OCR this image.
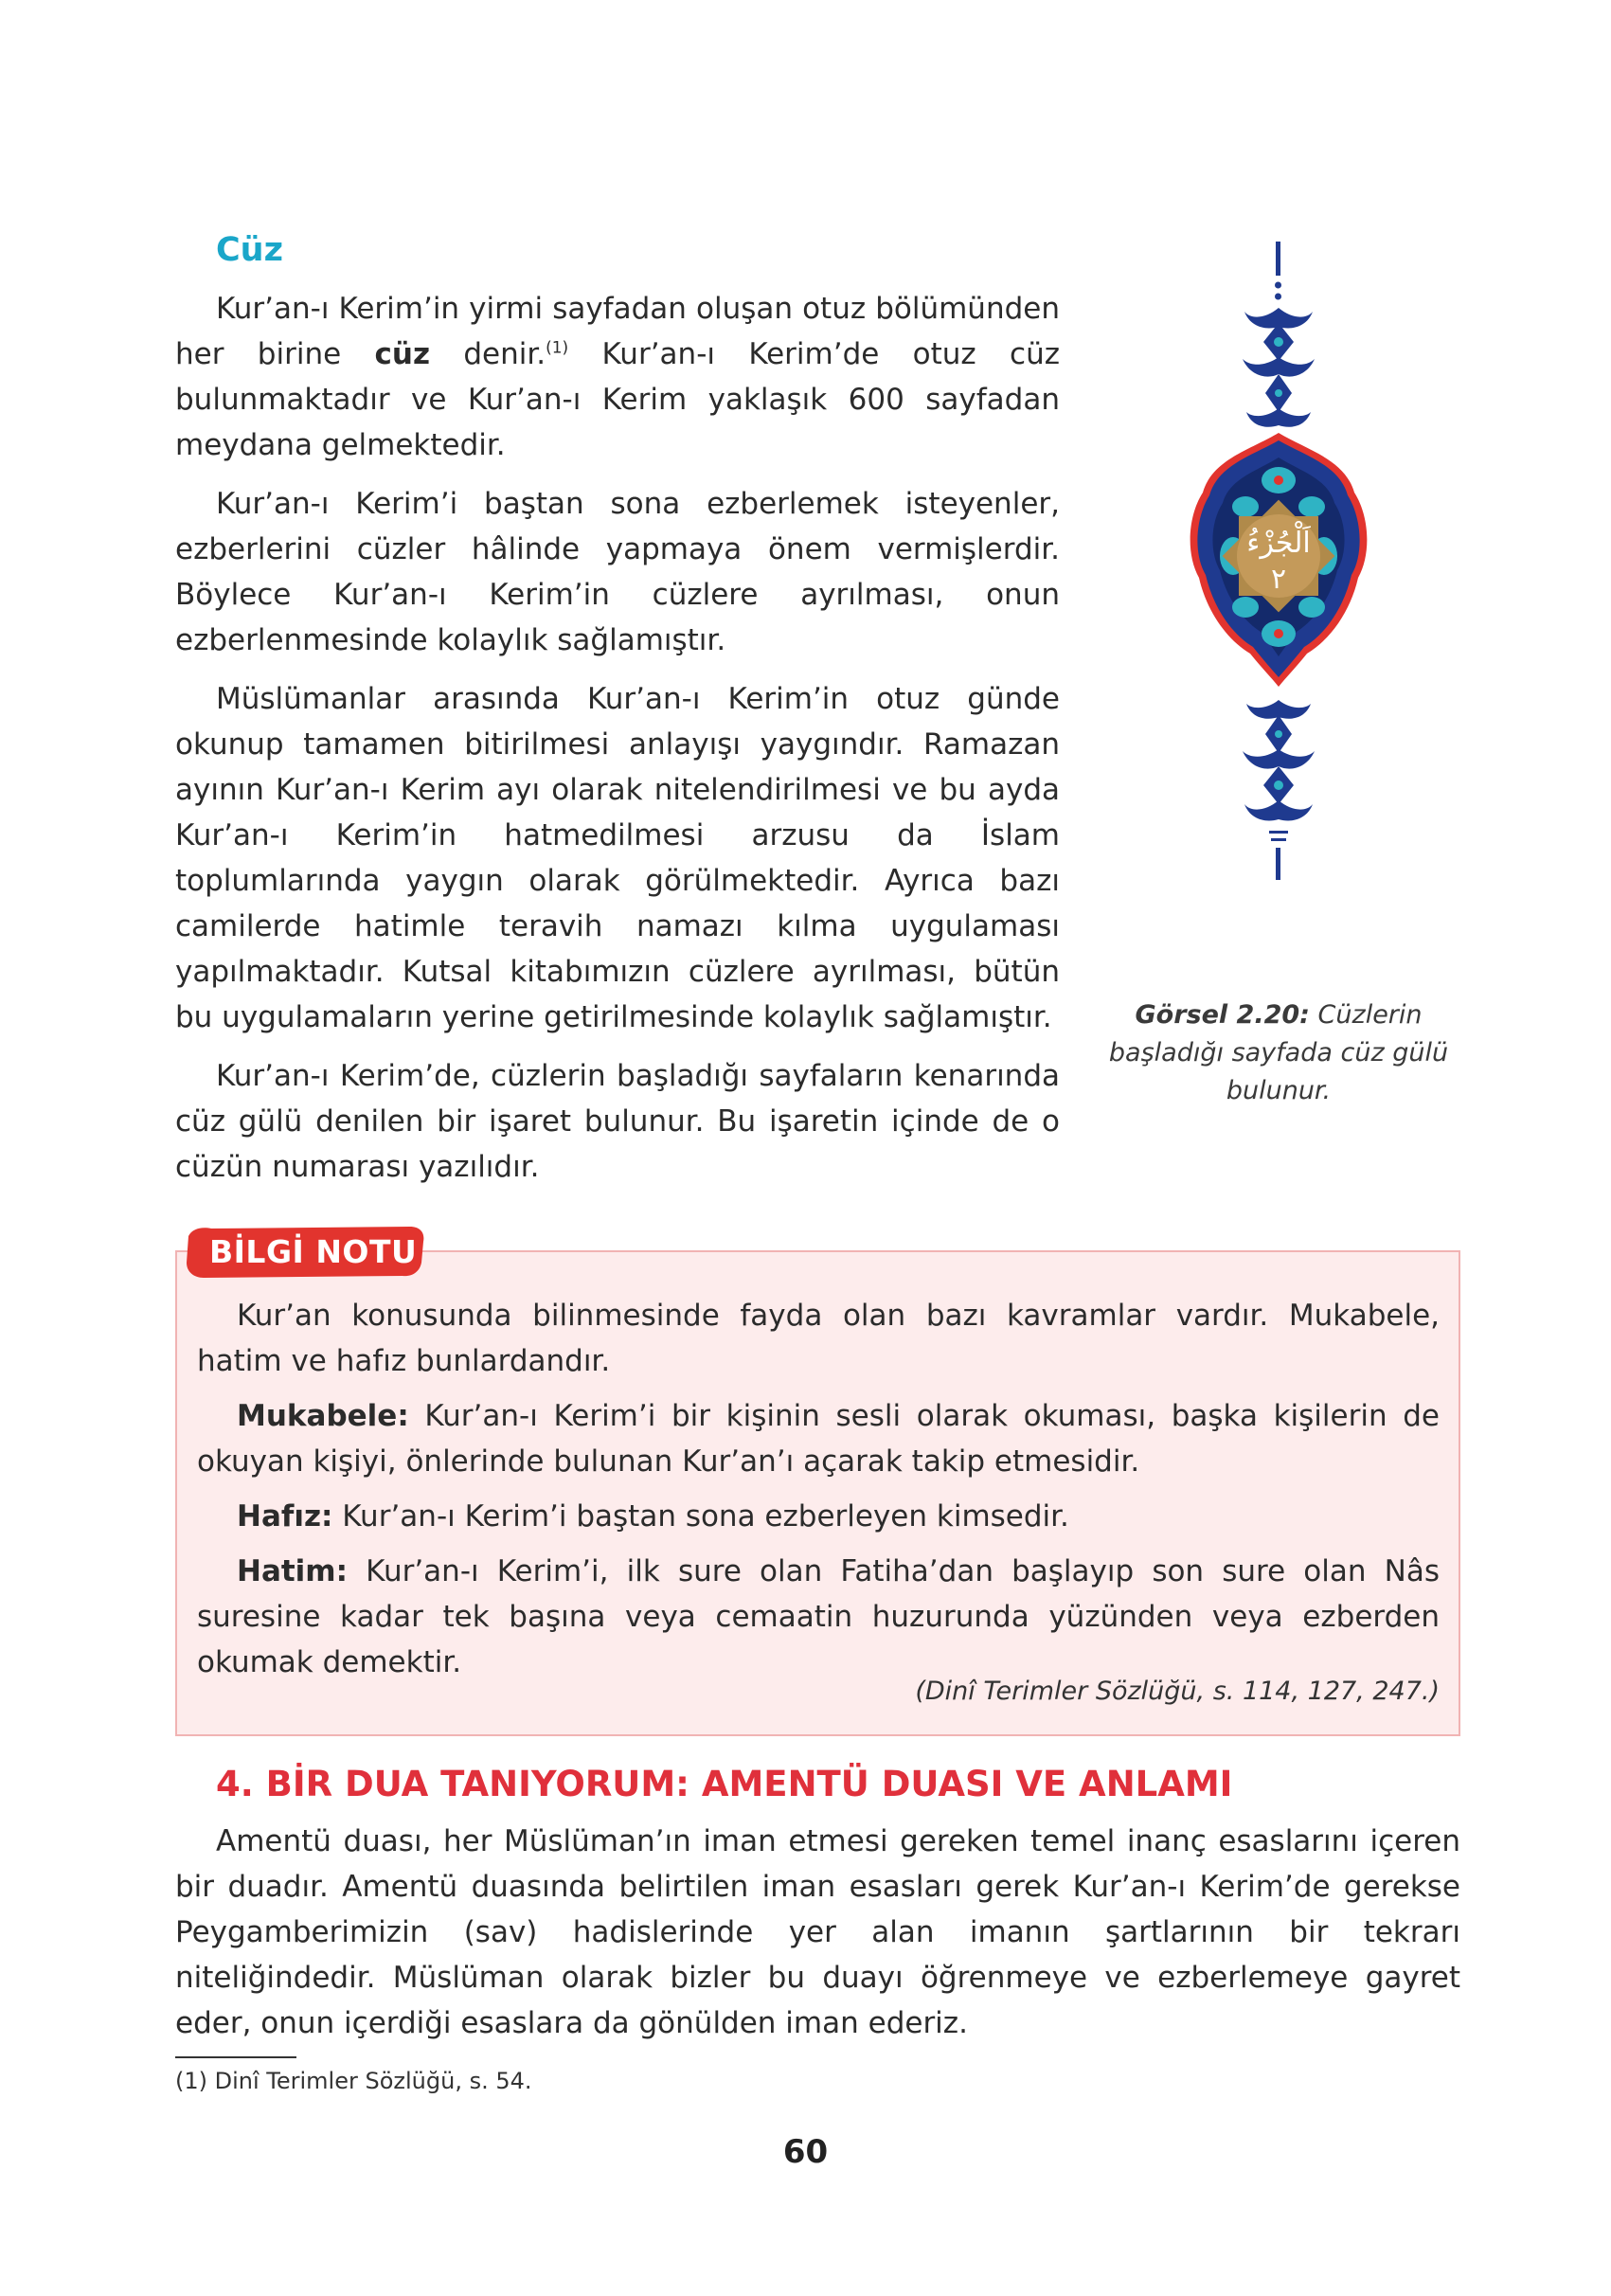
Cüz

Kur’an-ı Kerim’in yirmi sayfadan oluşan otuz bölümünden her birine cüz denir.$^{(1)}$ Kur’an-ı Kerim’de otuz cüz bulunmaktadır ve Kur’an-ı Kerim yaklaşık 600 sayfadan meydana gelmektedir.

Kur’an-ı Kerim’i baştan sona ezberlemek isteyenler, ezberlerini cüzler hâlinde yapmaya önem vermişlerdir. Böylece Kur’an-ı Kerim’in cüzlere ayrılması, onun ezberlenmesinde kolaylık sağlamıştır.

Müslümanlar arasında Kur’an-ı Kerim’in otuz günde okunup tamamen bitirilmesi anlayışı yaygındır. Ramazan ayının Kur’an-ı Kerim ayı olarak nitelendirilmesi ve bu ayda Kur’an-ı Kerim’in hatmedilmesi arzusu da İslam toplumlarında yaygın olarak görülmektedir. Ayrıca bazı camilerde hatimle teravih namazı kılma uygulaması yapılmaktadır. Kutsal kitabımızın cüzlere ayrılması, bütün bu uygulamaların yerine getirilmesinde kolaylık sağlamıştır.

Kur’an-ı Kerim’de, cüzlerin başladığı sayfaların kenarında cüz gülü denilen bir işaret bulunur. Bu işaretin içinde de o cüzün numarası yazılıdır.

اَلْجُزْءُ
٢
Görsel 2.20: Cüzlerin başladığı sayfada cüz gülü bulunur.
BİLGİ NOTU

Kur’an konusunda bilinmesinde fayda olan bazı kavramlar vardır. Mukabele, hatim ve hafız bunlardandır.

Mukabele: Kur’an-ı Kerim’i bir kişinin sesli olarak okuması, başka kişilerin de okuyan kişiyi, önlerinde bulunan Kur’an’ı açarak takip etmesidir.

Hafız: Kur’an-ı Kerim’i baştan sona ezberleyen kimsedir.

Hatim: Kur’an-ı Kerim’i, ilk sure olan Fatiha’dan başlayıp son sure olan Nâs suresine kadar tek başına veya cemaatin huzurunda yüzünden veya ezberden okumak demektir.

(Dinî Terimler Sözlüğü, s. 114, 127, 247.)
4. BİR DUA TANIYORUM: AMENTÜ DUASI VE ANLAMI

Amentü duası, her Müslüman’ın iman etmesi gereken temel inanç esaslarını içeren bir duadır. Amentü duasında belirtilen iman esasları gerek Kur’an-ı Kerim’de gerekse Peygamberimizin (sav) hadislerinde yer alan imanın şartlarının bir tekrarı niteliğindedir. Müslüman olarak bizler bu duayı öğrenmeye ve ezberlemeye gayret eder, onun içerdiği esaslara da gönülden iman ederiz.

(1) Dinî Terimler Sözlüğü, s. 54.
60
